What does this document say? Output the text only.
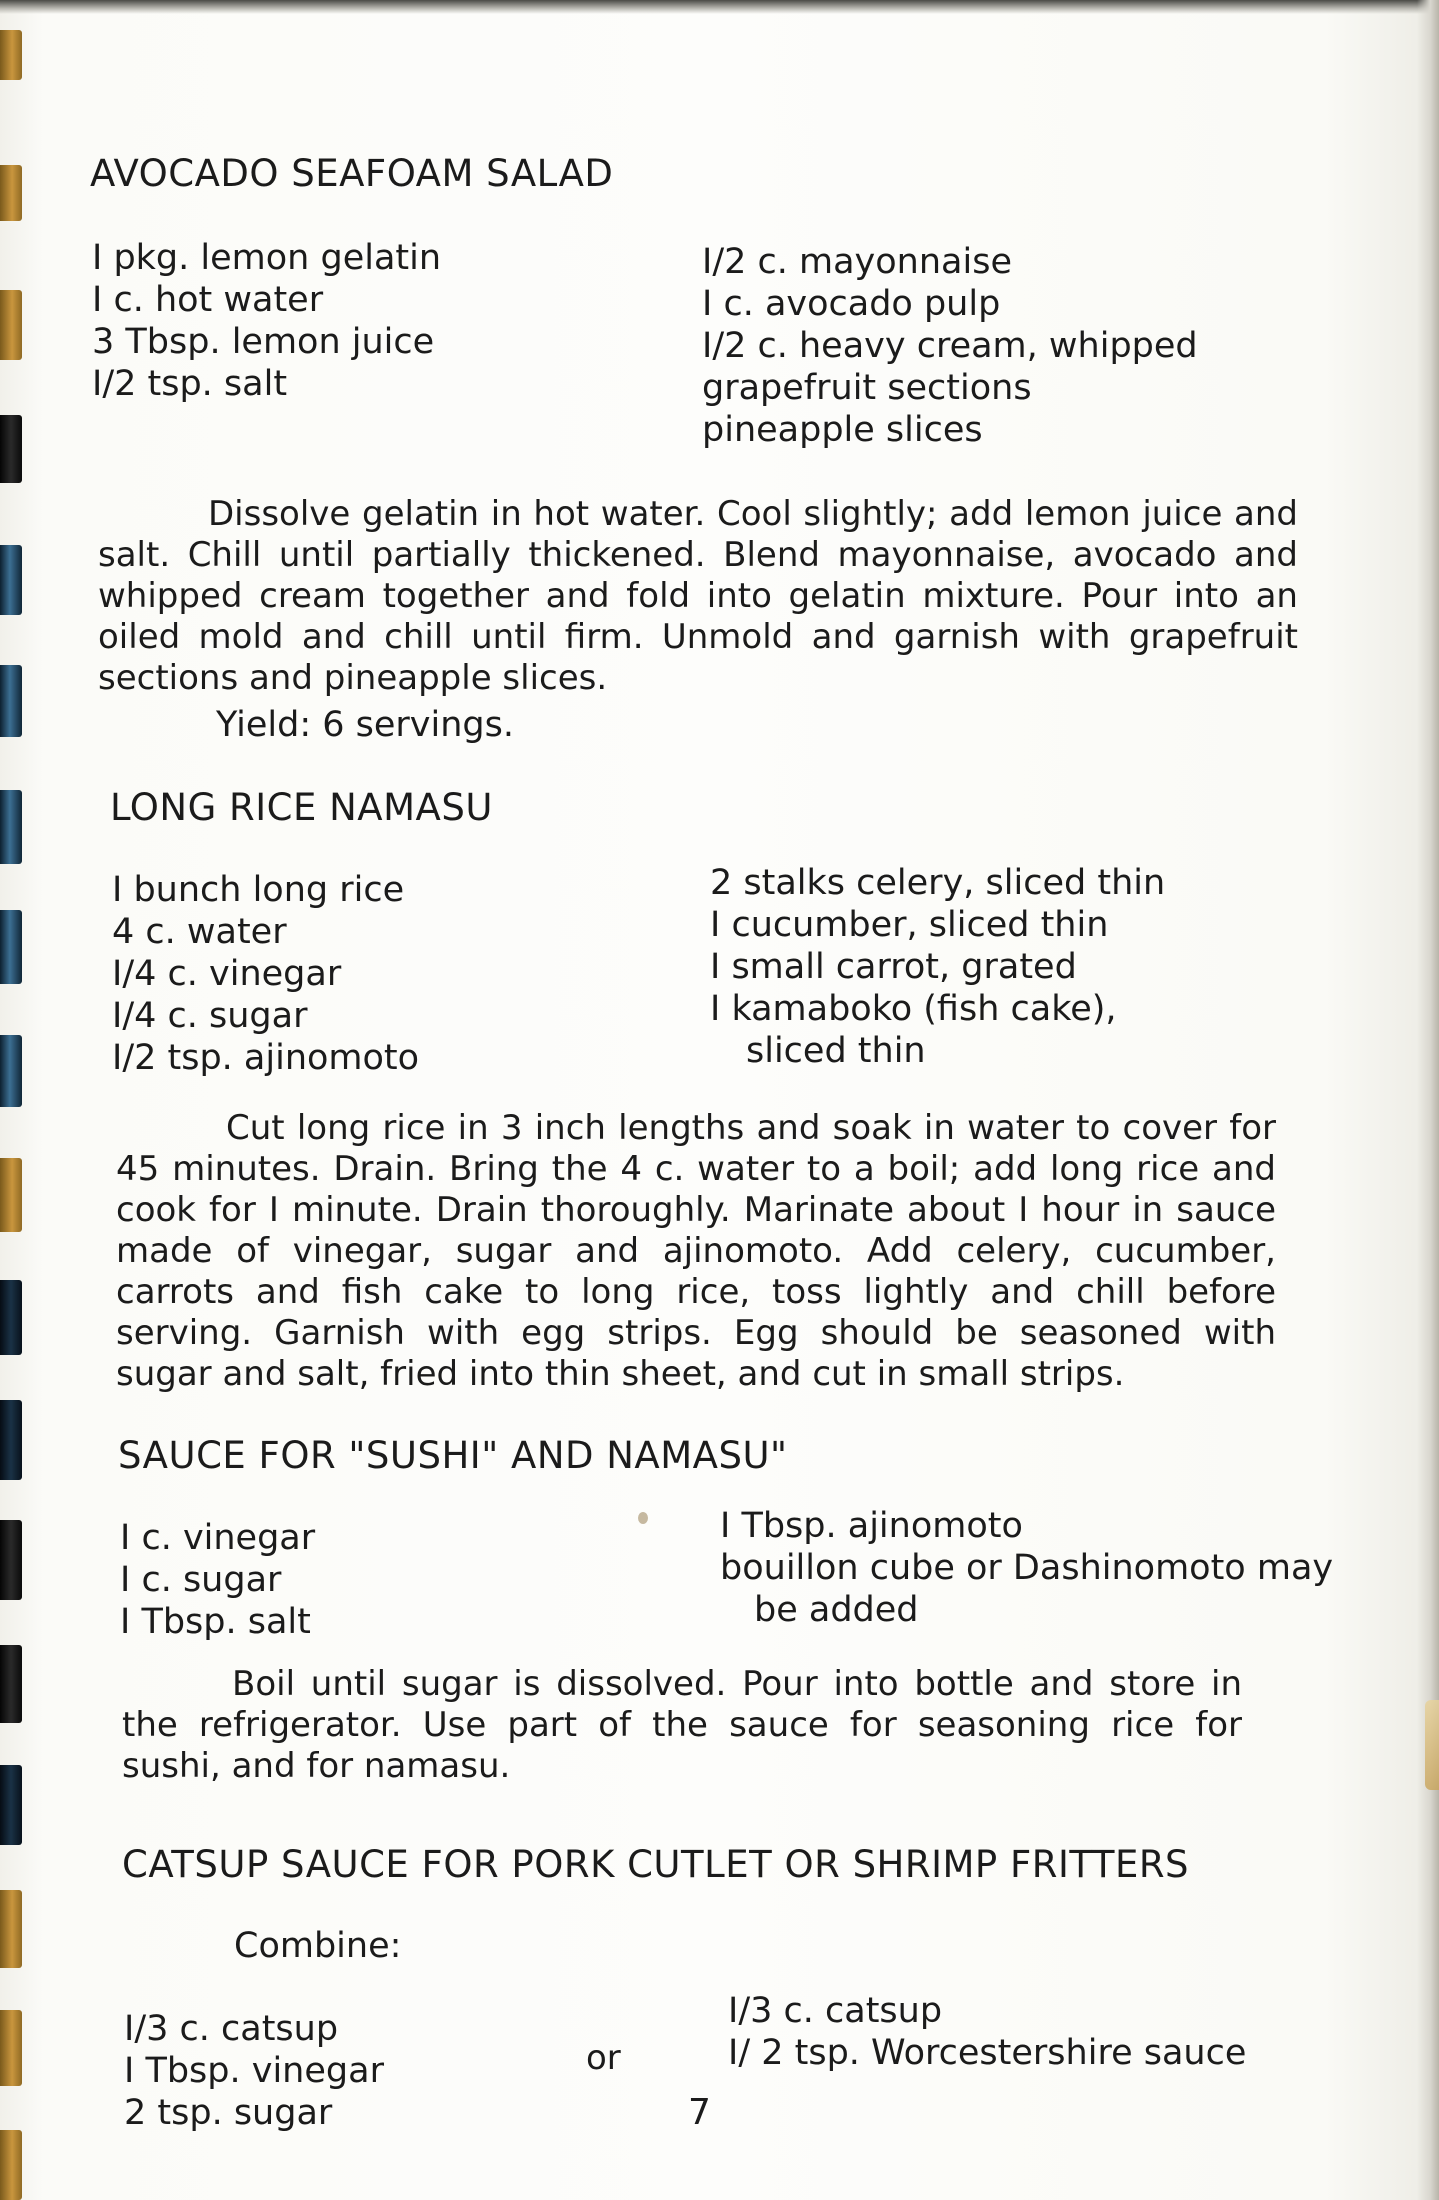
AVOCADO SEAFOAM SALAD
I pkg. lemon gelatin
I c. hot water
3 Tbsp. lemon juice
I/2 tsp. salt
I/2 c. mayonnaise
I c. avocado pulp
I/2 c. heavy cream, whipped
grapefruit sections
pineapple slices
Dissolve gelatin in hot water. Cool slightly; add lemon juice and salt. Chill until partially thickened. Blend mayonnaise, avocado and whipped cream together and fold into gelatin mixture. Pour into an oiled mold and chill until firm. Unmold and garnish with grapefruit sections and pineapple slices.
Yield: 6 servings.
LONG RICE NAMASU
I bunch long rice
4 c. water
I/4 c. vinegar
I/4 c. sugar
I/2 tsp. ajinomoto
2 stalks celery, sliced thin
I cucumber, sliced thin
I small carrot, grated
I kamaboko (fish cake),
sliced thin
Cut long rice in 3 inch lengths and soak in water to cover for 45 minutes. Drain. Bring the 4 c. water to a boil; add long rice and cook for I minute. Drain thoroughly. Marinate about I hour in sauce made of vinegar, sugar and ajinomoto. Add celery, cucumber, carrots and fish cake to long rice, toss lightly and chill before serving. Garnish with egg strips. Egg should be seasoned with sugar and salt, fried into thin sheet, and cut in small strips.
SAUCE FOR "SUSHI" AND NAMASU"
I c. vinegar
I c. sugar
I Tbsp. salt
I Tbsp. ajinomoto
bouillon cube or Dashinomoto may
be added
Boil until sugar is dissolved. Pour into bottle and store in the refrigerator. Use part of the sauce for seasoning rice for sushi, and for namasu.
CATSUP SAUCE FOR PORK CUTLET OR SHRIMP FRITTERS
Combine:
I/3 c. catsup
I Tbsp. vinegar
2 tsp. sugar
or
I/3 c. catsup
I/ 2 tsp. Worcestershire sauce
7
